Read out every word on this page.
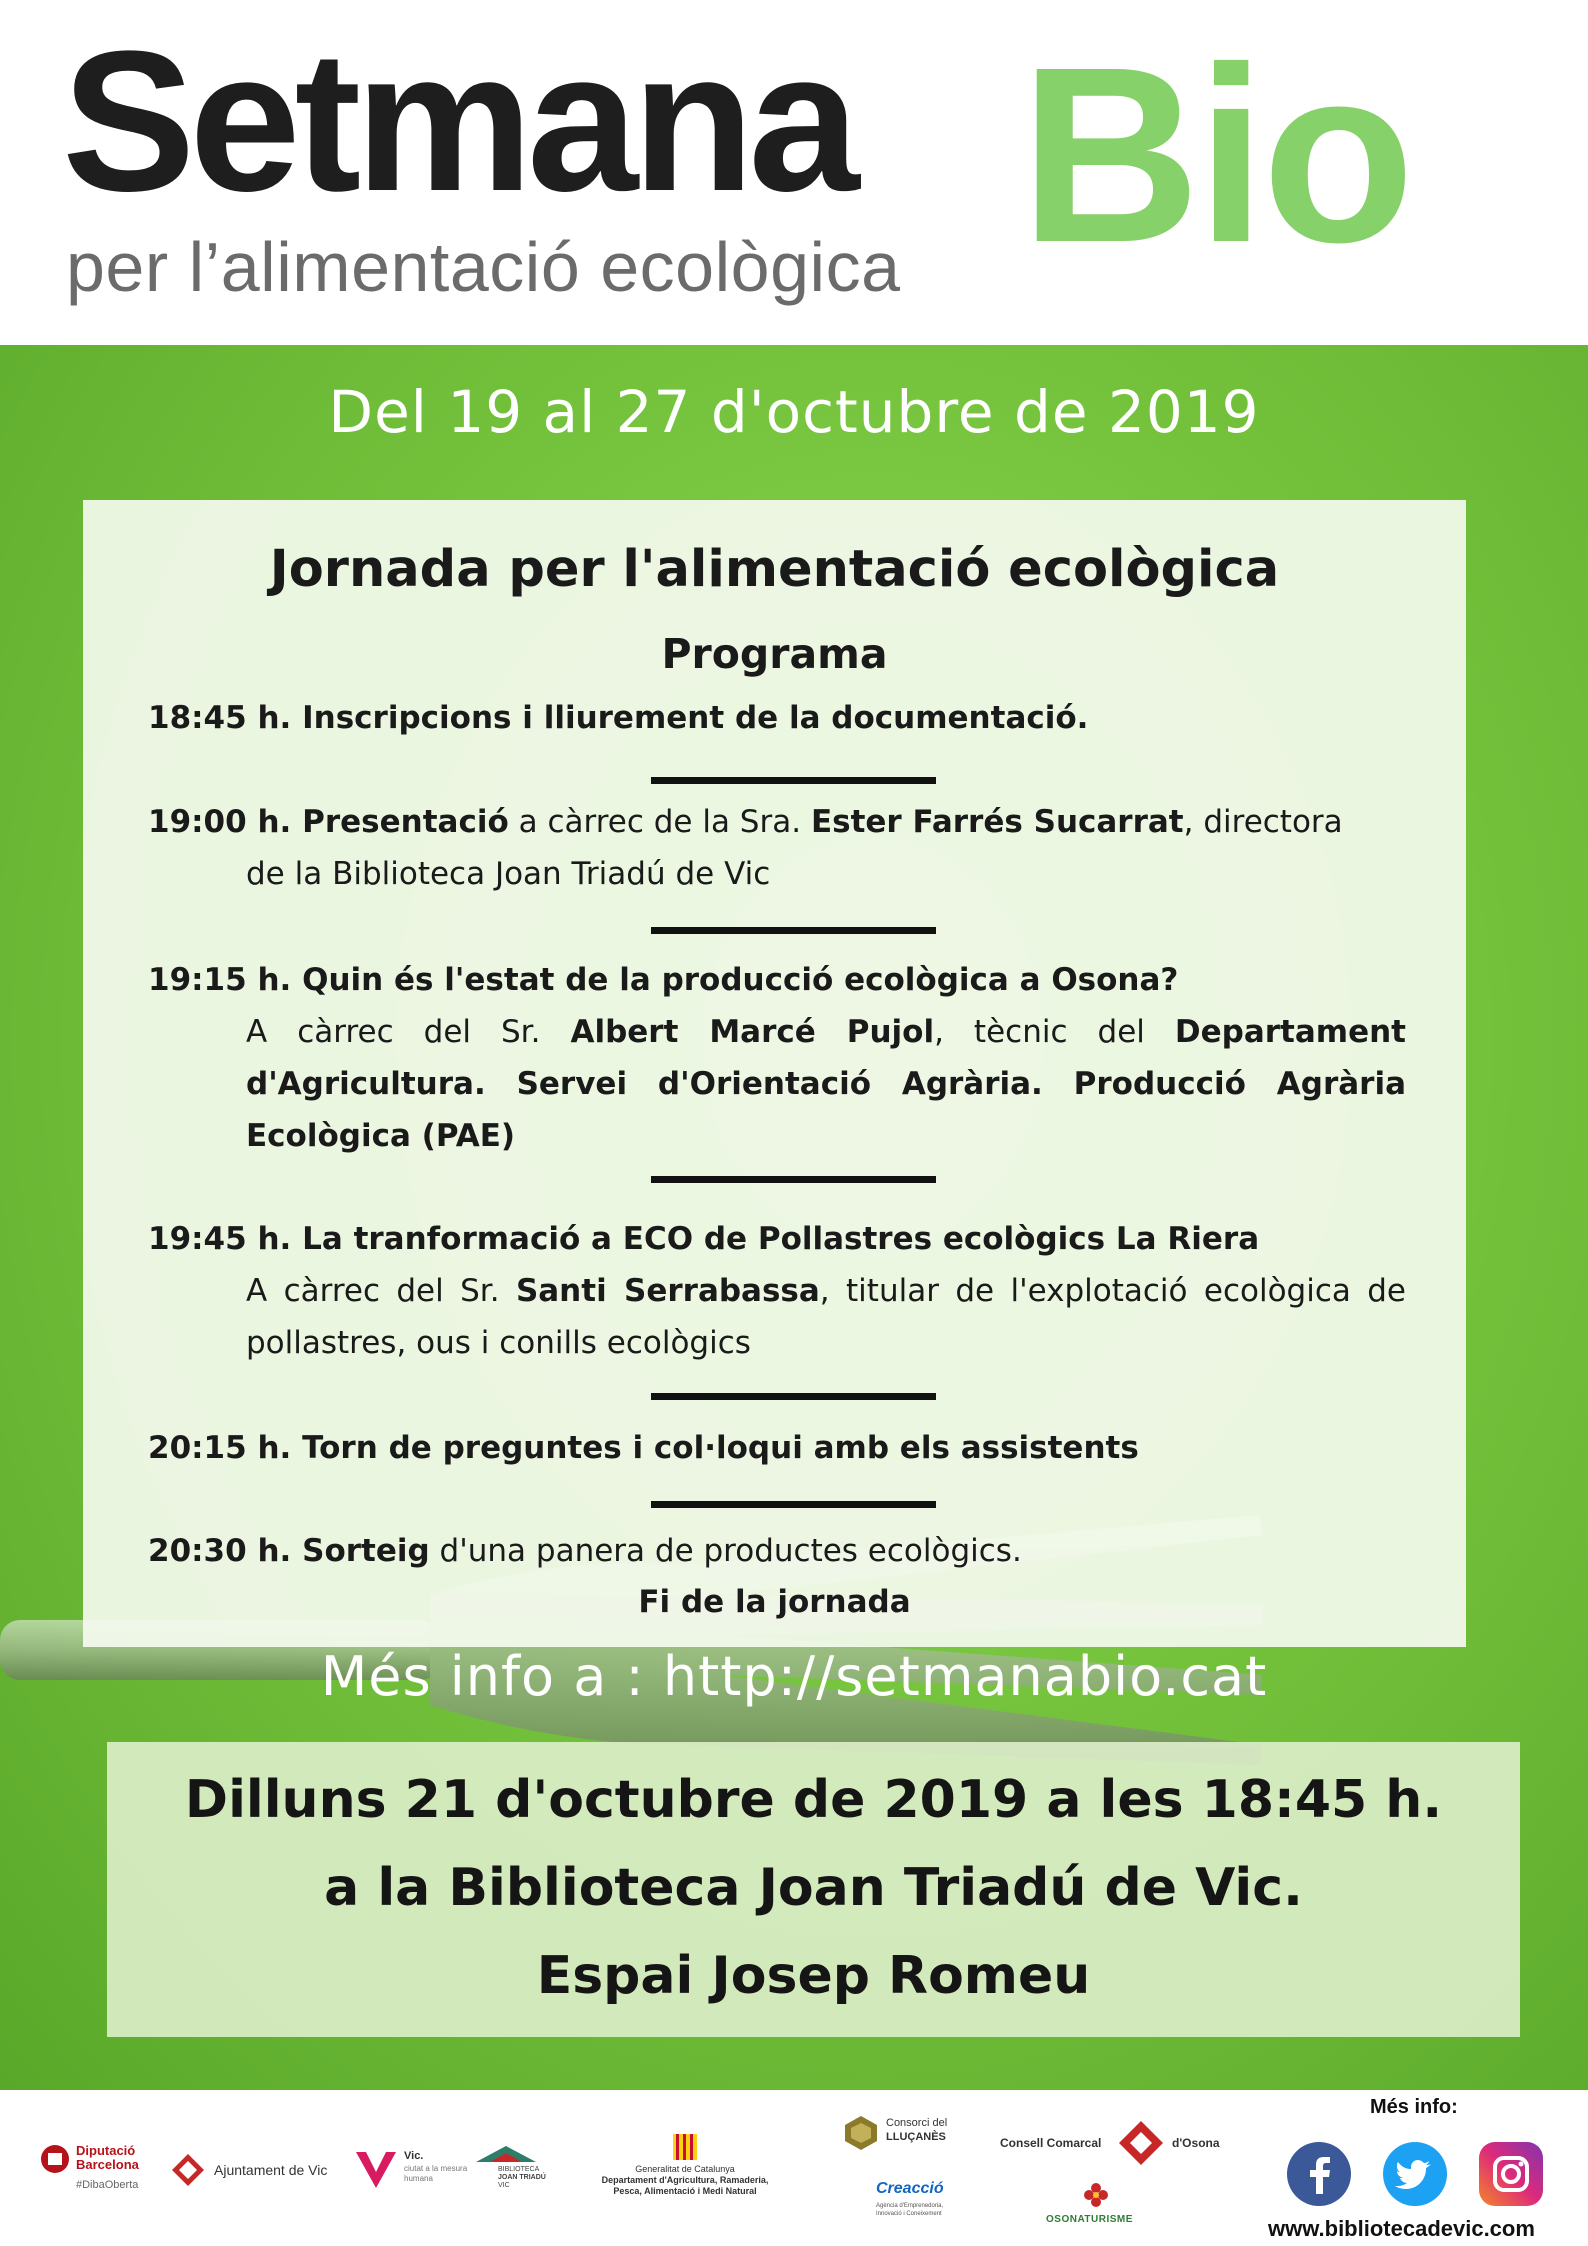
Setmana Bio
per l’alimentació ecològica
Del 19 al 27 d'octubre de 2019
Jornada per l'alimentació ecològica
Programa
18:45 h. Inscripcions i lliurement de la documentació.
19:00 h. Presentació a càrrec de la Sra. Ester Farrés Sucarrat, directora
de la Biblioteca Joan Triadú de Vic
19:15 h. Quin és l'estat de la producció ecològica a Osona?
A càrrec del Sr. Albert Marcé Pujol, tècnic del Departament
d'Agricultura. Servei d'Orientació Agrària. Producció Agrària
Ecològica (PAE)
19:45 h. La tranformació a ECO de Pollastres ecològics La Riera
A càrrec del Sr. Santi Serrabassa, titular de l'explotació ecològica de
pollastres, ous i conills ecològics
20:15 h. Torn de preguntes i col·loqui amb els assistents
20:30 h. Sorteig d'una panera de productes ecològics.
Fi de la jornada
Més info a : http://setmanabio.cat
Dilluns 21 d'octubre de 2019 a les 18:45 h.
a la Biblioteca Joan Triadú de Vic.
Espai Josep Romeu
Diputació
Barcelona
#DibaOberta
Ajuntament de Vic
Vic.
ciutat a la mesura humana
BIBLIOTECA
JOAN TRIADÚ
VIC
Generalitat de Catalunya
Departament d'Agricultura, Ramaderia,
Pesca, Alimentació i Medi Natural
Consorci del
LLUÇANÈS
Creacció
Agència d'Emprenedoria,
Innovació i Coneixement
Consell Comarcal	d'Osona
OSONATURISME
Més info:
www.bibliotecadevic.com
